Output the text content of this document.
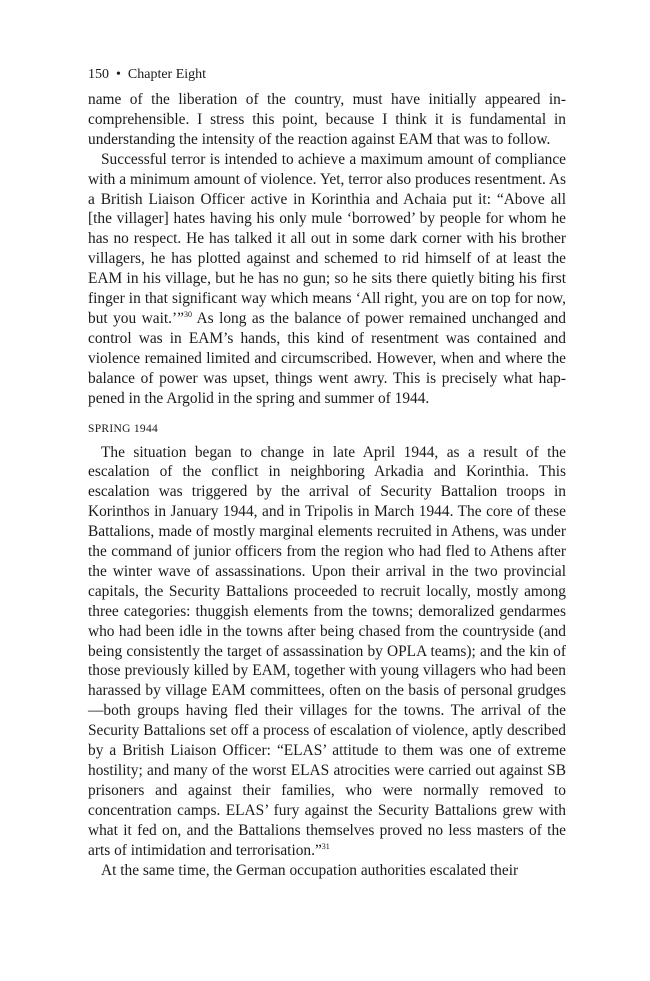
150 • Chapter Eight

name of the liberation of the country, must have initially appeared incomprehensible. I stress this point, because I think it is fundamental in understanding the intensity of the reaction against EAM that was to follow.

Successful terror is intended to achieve a maximum amount of compliance with a minimum amount of violence. Yet, terror also produces resentment. As a British Liaison Officer active in Korinthia and Achaia put it: “Above all [the villager] hates having his only mule ‘borrowed’ by people for whom he has no respect. He has talked it all out in some dark corner with his brother villagers, he has plotted against and schemed to rid himself of at least the EAM in his village, but he has no gun; so he sits there quietly biting his first finger in that significant way which means ‘All right, you are on top for now, but you wait.’”$^{30}$ As long as the balance of power remained unchanged and control was in EAM’s hands, this kind of resentment was contained and violence remained limited and circumscribed. However, when and where the balance of power was upset, things went awry. This is precisely what happened in the Argolid in the spring and summer of 1944.

SPRING 1944

The situation began to change in late April 1944, as a result of the escalation of the conflict in neighboring Arkadia and Korinthia. This escalation was triggered by the arrival of Security Battalion troops in Korinthos in January 1944, and in Tripolis in March 1944. The core of these Battalions, made of mostly marginal elements recruited in Athens, was under the command of junior officers from the region who had fled to Athens after the winter wave of assassinations. Upon their arrival in the two provincial capitals, the Security Battalions proceeded to recruit locally, mostly among three categories: thuggish elements from the towns; demoralized gendarmes who had been idle in the towns after being chased from the countryside (and being consistently the target of assassination by OPLA teams); and the kin of those previously killed by EAM, together with young villagers who had been harassed by village EAM committees, often on the basis of personal grudges—both groups having fled their villages for the towns. The arrival of the Security Battalions set off a process of escalation of violence, aptly described by a British Liaison Officer: “ELAS’ attitude to them was one of extreme hostility; and many of the worst ELAS atrocities were carried out against SB prisoners and against their families, who were normally removed to concentration camps. ELAS’ fury against the Security Battalions grew with what it fed on, and the Battalions themselves proved no less masters of the arts of intimidation and terrorisation.”$^{31}$

At the same time, the German occupation authorities escalated their
